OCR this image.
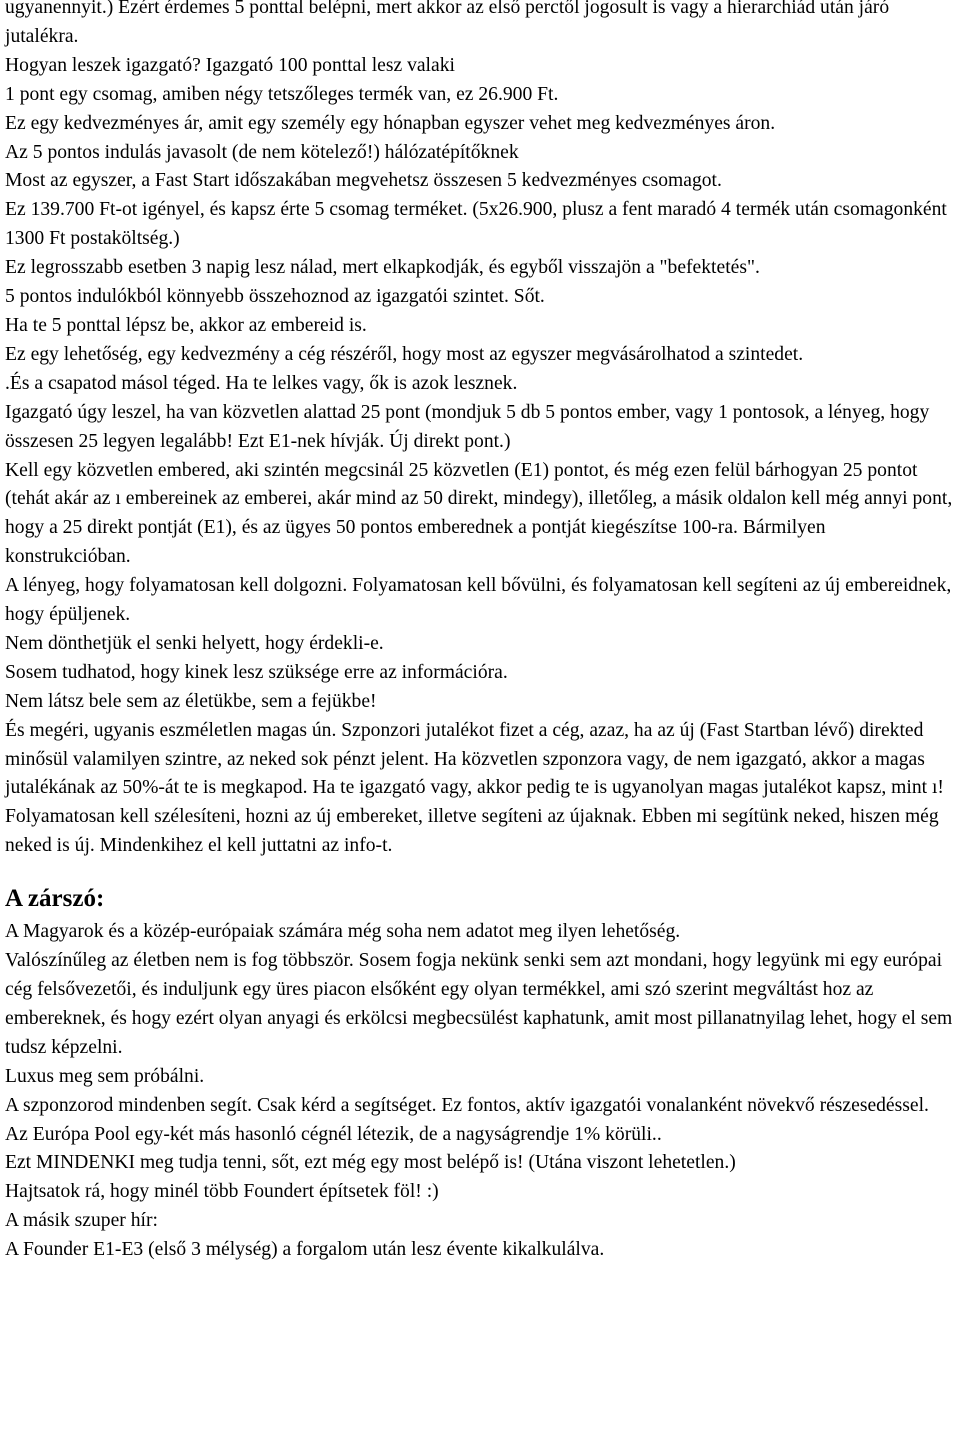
ugyanennyit.) Ezért érdemes 5 ponttal belépni, mert akkor az első perctől jogosult is vagy a hierarchiád után járó jutalékra.

Hogyan leszek igazgató? Igazgató 100 ponttal lesz valaki

1 pont egy csomag, amiben négy tetszőleges termék van, ez 26.900 Ft.

Ez egy kedvezményes ár, amit egy személy egy hónapban egyszer vehet meg kedvezményes áron.

Az 5 pontos indulás javasolt (de nem kötelező!) hálózatépítőknek

Most az egyszer, a Fast Start időszakában megvehetsz összesen 5 kedvezményes csomagot.

Ez 139.700 Ft-ot igényel, és kapsz érte 5 csomag terméket. (5x26.900, plusz a fent maradó 4 termék után csomagonként 1300 Ft postaköltség.)

Ez legrosszabb esetben 3 napig lesz nálad, mert elkapkodják, és egyből visszajön a "befektetés".

5 pontos indulókból könnyebb összehoznod az igazgatói szintet. Sőt.

Ha te 5 ponttal lépsz be, akkor az embereid is.

Ez egy lehetőség, egy kedvezmény a cég részéről, hogy most az egyszer megvásárolhatod a szintedet.

.És a csapatod másol téged. Ha te lelkes vagy, ők is azok lesznek.

Igazgató úgy leszel, ha van közvetlen alattad 25 pont (mondjuk 5 db 5 pontos ember, vagy 1 pontosok, a lényeg, hogy összesen 25 legyen legalább! Ezt E1-nek hívják. Új direkt pont.)

Kell egy közvetlen embered, aki szintén megcsinál 25 közvetlen (E1) pontot, és még ezen felül bárhogyan 25 pontot (tehát akár az ı embereinek az emberei, akár mind az 50 direkt, mindegy), illetőleg, a másik oldalon kell még annyi pont, hogy a 25 direkt pontját (E1), és az ügyes 50 pontos emberednek a pontját kiegészítse 100-ra. Bármilyen konstrukcióban.

A lényeg, hogy folyamatosan kell dolgozni. Folyamatosan kell bővülni, és folyamatosan kell segíteni az új embereidnek, hogy épüljenek.

Nem dönthetjük el senki helyett, hogy érdekli-e.

Sosem tudhatod, hogy kinek lesz szüksége erre az információra.

Nem látsz bele sem az életükbe, sem a fejükbe!

És megéri, ugyanis eszméletlen magas ún. Szponzori jutalékot fizet a cég, azaz, ha az új (Fast Startban lévő) direkted minősül valamilyen szintre, az neked sok pénzt jelent. Ha közvetlen szponzora vagy, de nem igazgató, akkor a magas jutalékának az 50%-át te is megkapod. Ha te igazgató vagy, akkor pedig te is ugyanolyan magas jutalékot kapsz, mint ı!

Folyamatosan kell szélesíteni, hozni az új embereket, illetve segíteni az újaknak. Ebben mi segítünk neked, hiszen még neked is új. Mindenkihez el kell juttatni az info-t.

A zárszó:

A Magyarok és a közép-európaiak számára még soha nem adatot meg ilyen lehetőség.

Valószínűleg az életben nem is fog többször. Sosem fogja nekünk senki sem azt mondani, hogy legyünk mi egy európai cég felsővezetői, és induljunk egy üres piacon elsőként egy olyan termékkel, ami szó szerint megváltást hoz az embereknek, és hogy ezért olyan anyagi és erkölcsi megbecsülést kaphatunk, amit most pillanatnyilag lehet, hogy el sem tudsz képzelni.

Luxus meg sem próbálni.

A szponzorod mindenben segít. Csak kérd a segítséget. Ez fontos, aktív igazgatói vonalanként növekvő részesedéssel.

Az Európa Pool egy-két más hasonló cégnél létezik, de a nagyságrendje 1% körüli..

Ezt MINDENKI meg tudja tenni, sőt, ezt még egy most belépő is! (Utána viszont lehetetlen.)

Hajtsatok rá, hogy minél több Foundert építsetek föl! :)

A másik szuper hír:

A Founder E1-E3 (első 3 mélység) a forgalom után lesz évente kikalkulálva.
